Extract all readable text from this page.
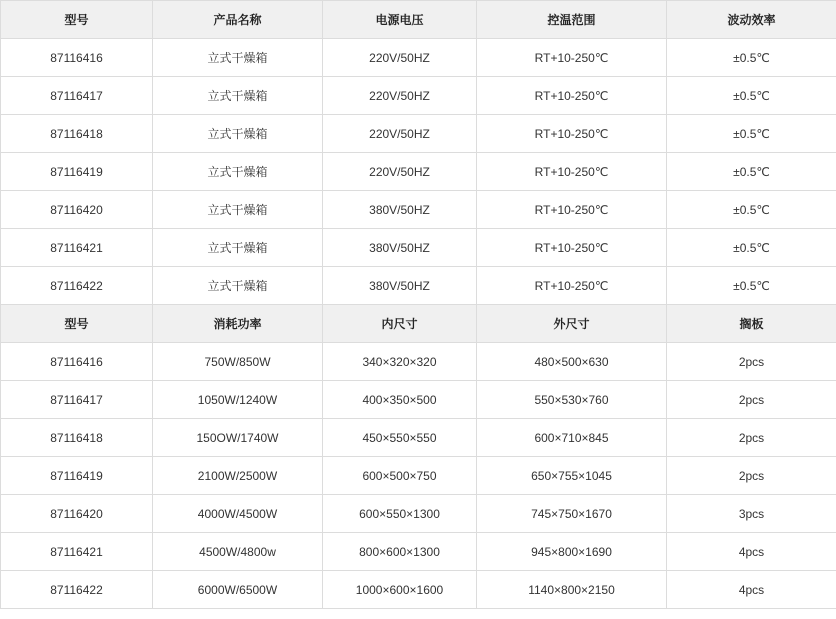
型号	产品名称	电源电压	控温范围	波动效率
87116416	立式干燥箱	220V/50HZ	RT+10-250℃	±0.5℃
87116417	立式干燥箱	220V/50HZ	RT+10-250℃	±0.5℃
87116418	立式干燥箱	220V/50HZ	RT+10-250℃	±0.5℃
87116419	立式干燥箱	220V/50HZ	RT+10-250℃	±0.5℃
87116420	立式干燥箱	380V/50HZ	RT+10-250℃	±0.5℃
87116421	立式干燥箱	380V/50HZ	RT+10-250℃	±0.5℃
87116422	立式干燥箱	380V/50HZ	RT+10-250℃	±0.5℃
型号	消耗功率	内尺寸	外尺寸	搁板
87116416	750W/850W	340×320×320	480×500×630	2pcs
87116417	1050W/1240W	400×350×500	550×530×760	2pcs
87116418	150OW/1740W	450×550×550	600×710×845	2pcs
87116419	2100W/2500W	600×500×750	650×755×1045	2pcs
87116420	4000W/4500W	600×550×1300	745×750×1670	3pcs
87116421	4500W/4800w	800×600×1300	945×800×1690	4pcs
87116422	6000W/6500W	1000×600×1600	1140×800×2150	4pcs
